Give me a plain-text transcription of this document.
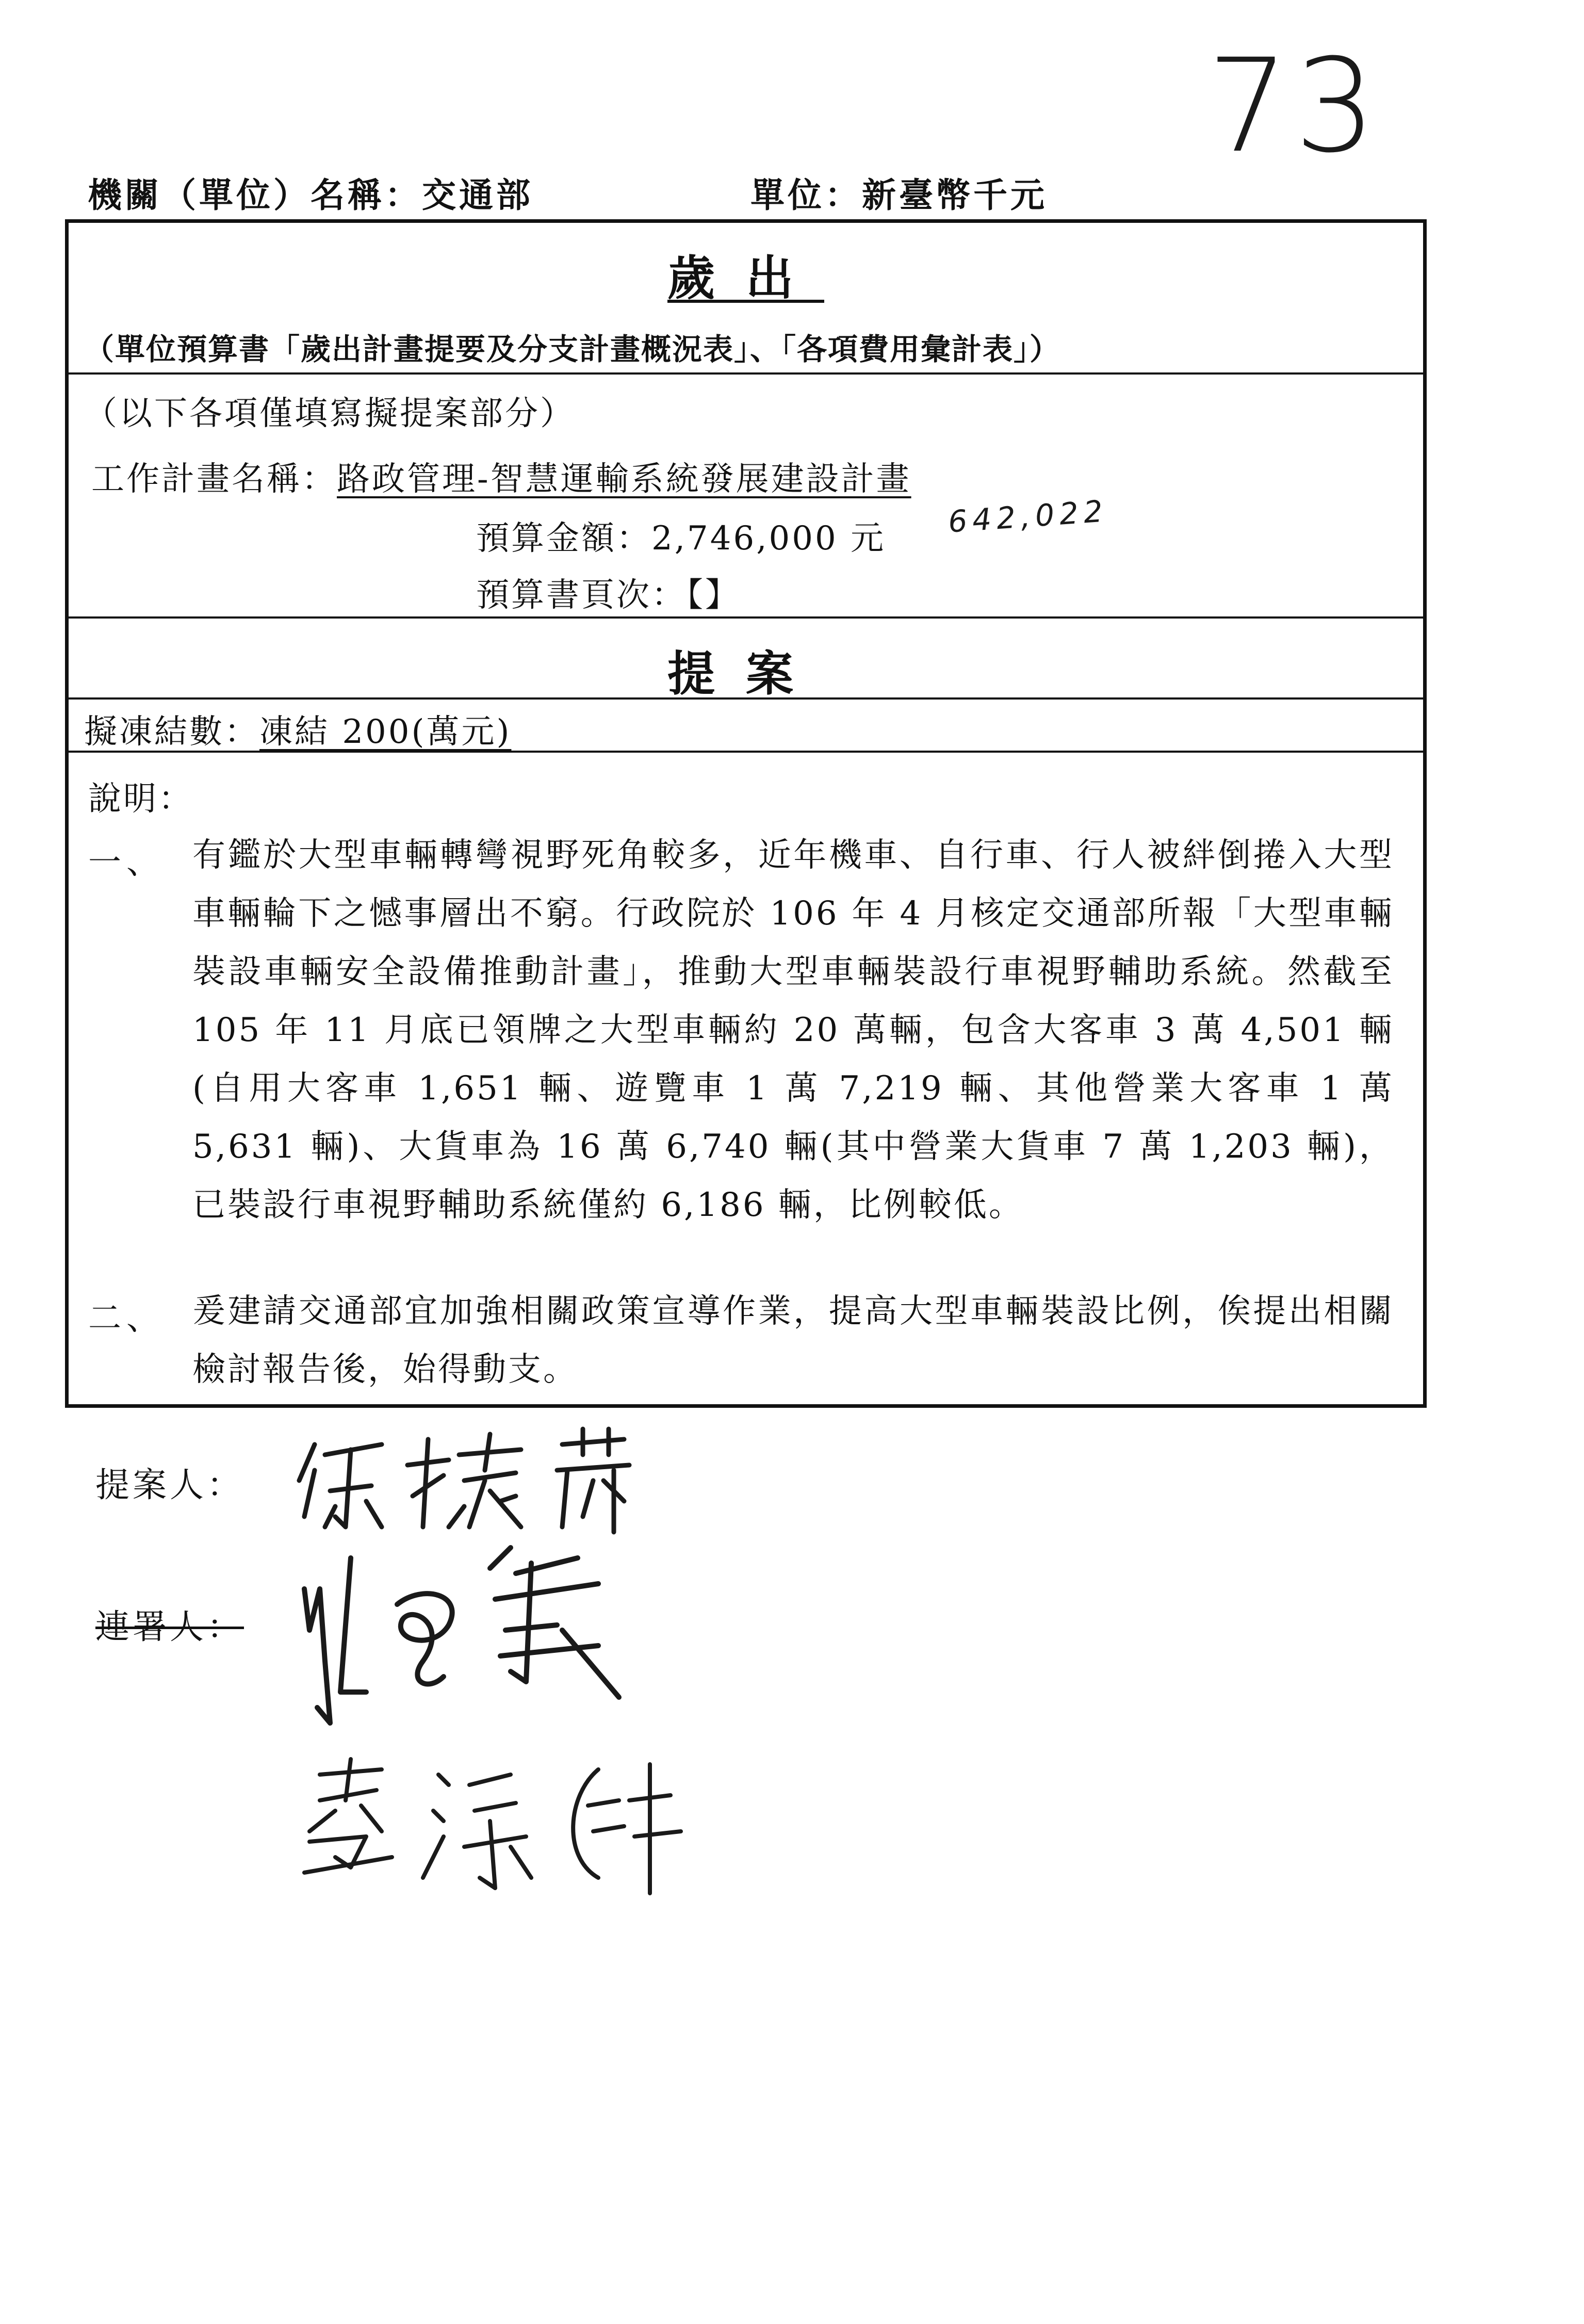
73
機關（單位）名稱：交通部	單位：新臺幣千元
歲出
（單位預算書「歲出計畫提要及分支計畫概況表」、「各項費用彙計表」）
（以下各項僅填寫擬提案部分）
工作計畫名稱：路政管理-智慧運輸系統發展建設計畫
預算金額：2,746,000 元 642,022
預算書頁次：【】
提案
擬凍結數：凍結 200(萬元)
說明：
一、 有鑑於大型車輛轉彎視野死角較多，近年機車、自行車、行人被絆倒捲入大型車輛輪下之憾事層出不窮。行政院於 106 年 4 月核定交通部所報「大型車輛裝設車輛安全設備推動計畫」，推動大型車輛裝設行車視野輔助系統。然截至 105 年 11 月底已領牌之大型車輛約 20 萬輛，包含大客車 3 萬 4,501 輛(自用大客車 1,651 輛、遊覽車 1 萬 7,219 輛、其他營業大客車 1 萬 5,631 輛)、大貨車為 16 萬 6,740 輛(其中營業大貨車 7 萬 1,203 輛)，已裝設行車視野輔助系統僅約 6,186 輛，比例較低。
二、 爰建請交通部宜加強相關政策宣導作業，提高大型車輛裝設比例，俟提出相關檢討報告後，始得動支。
提案人：
連署人：
